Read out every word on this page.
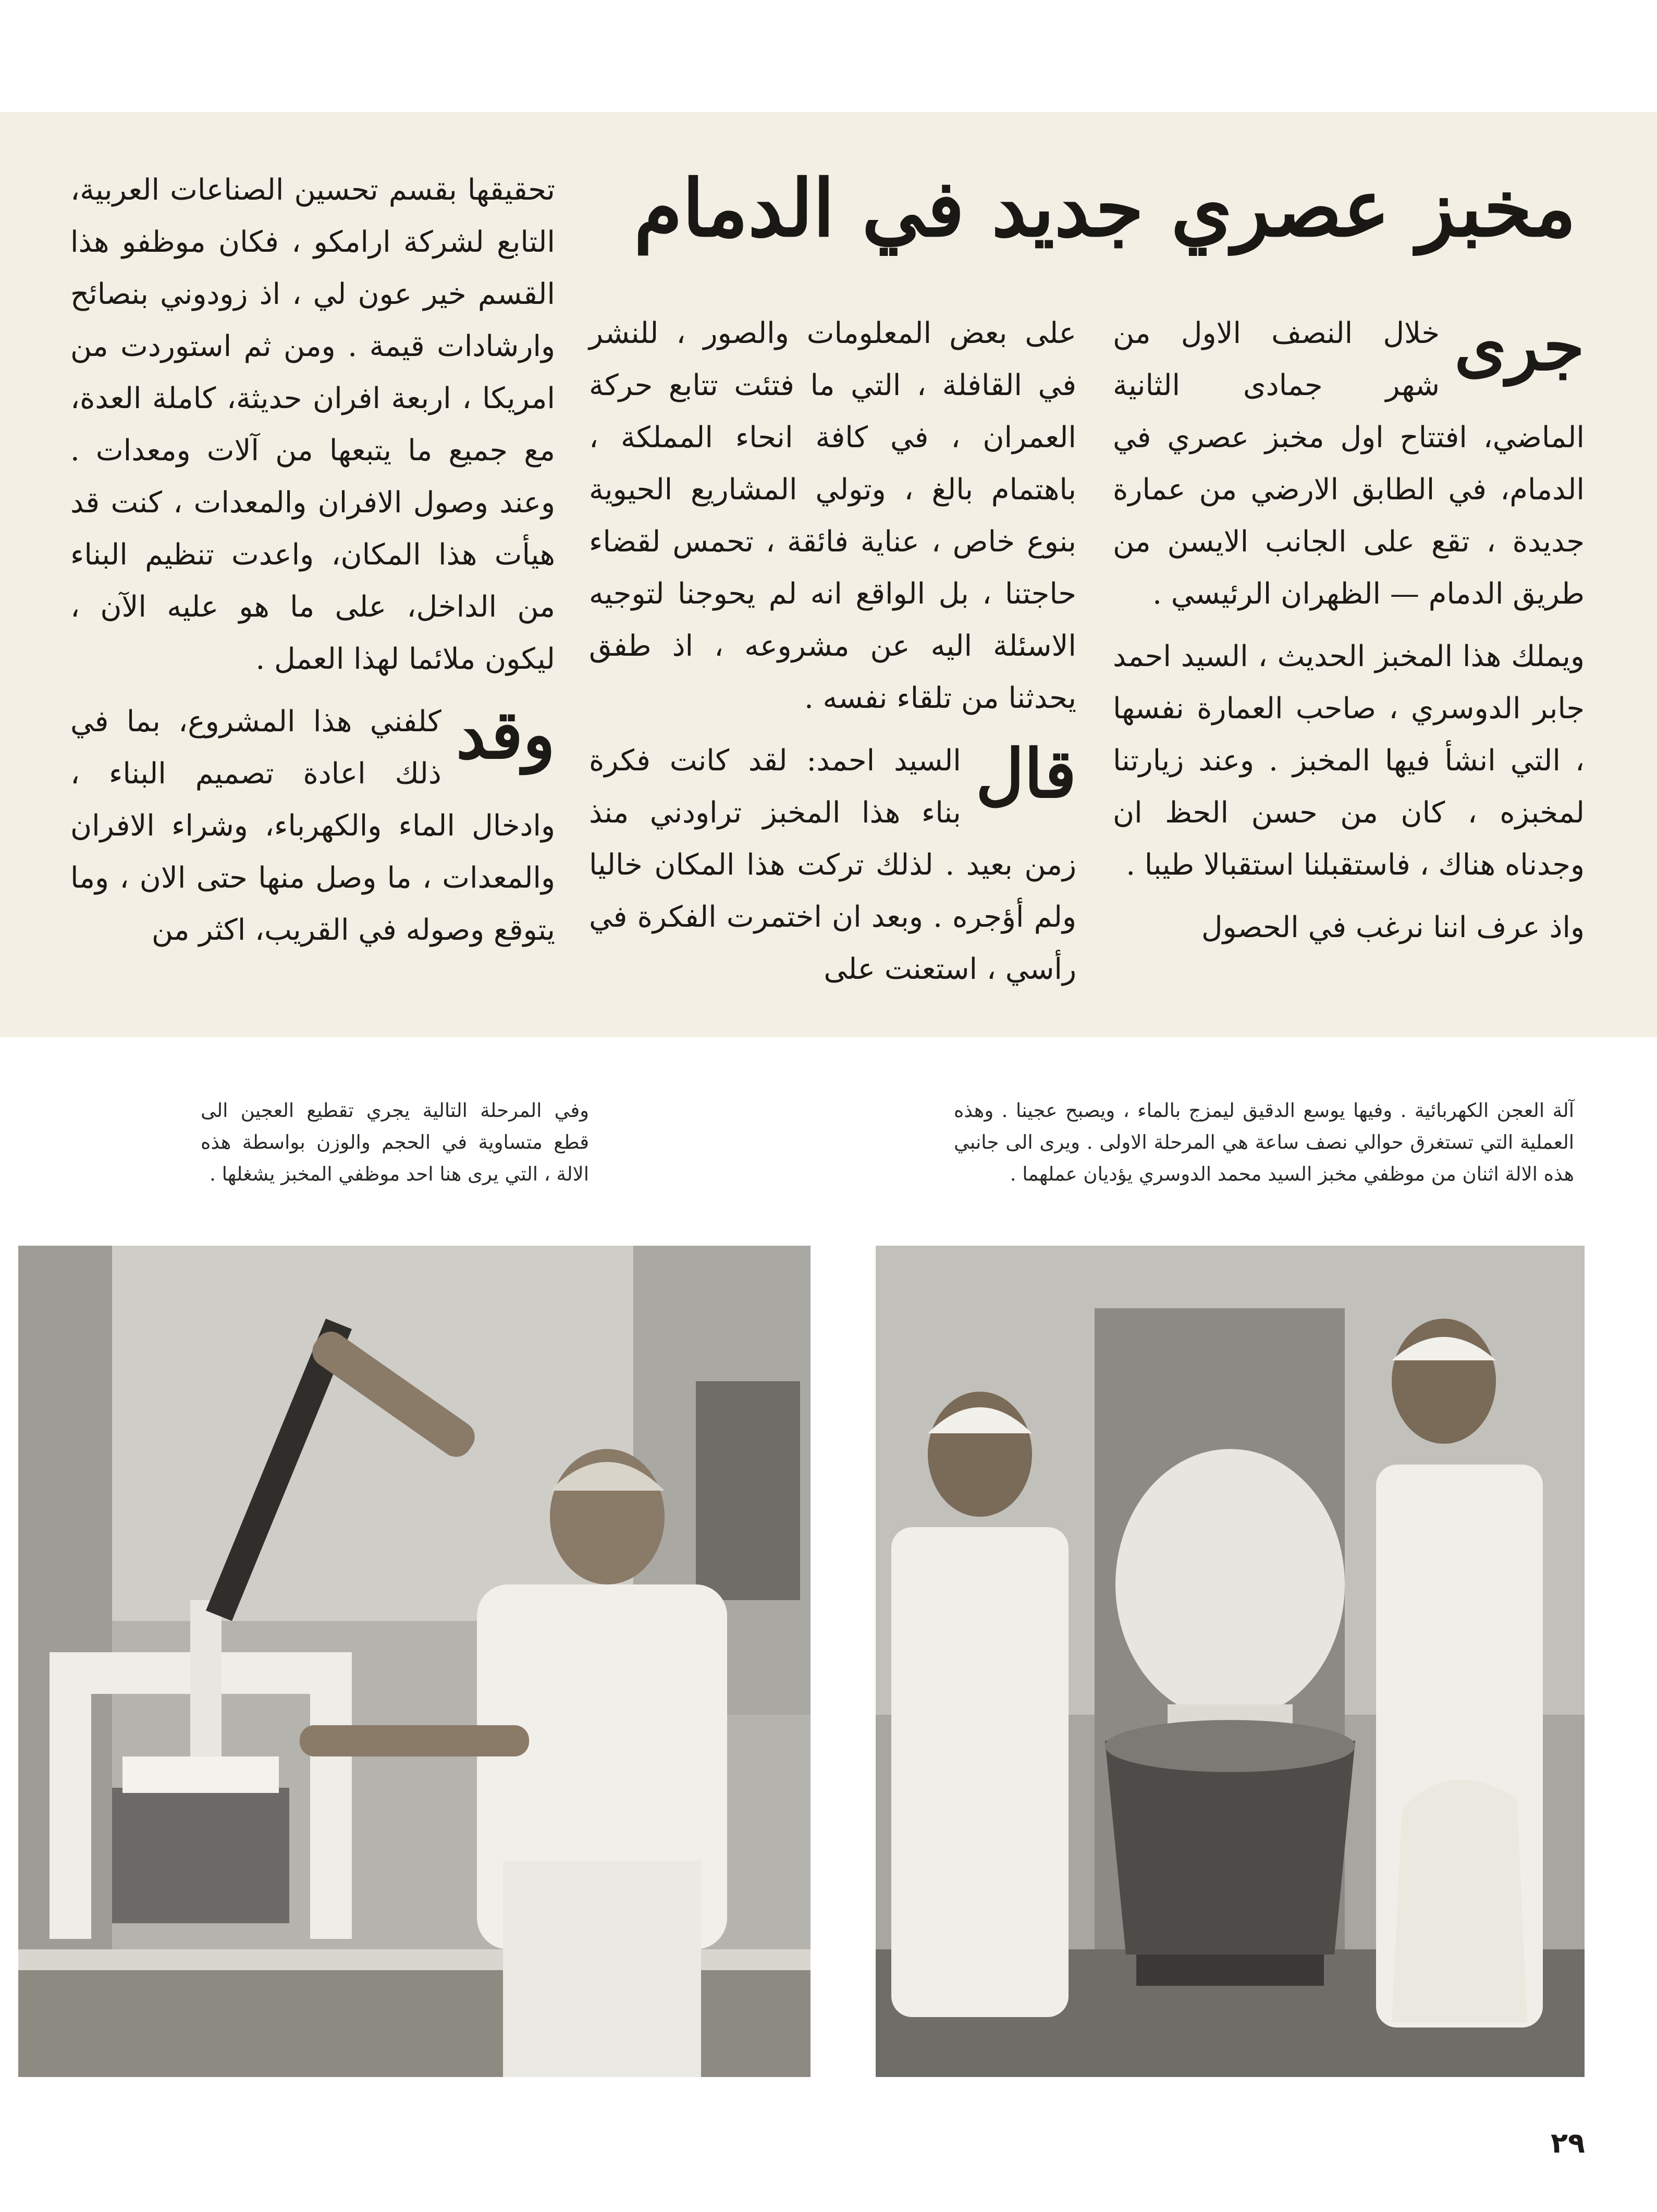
مخبز عصري جديد في الدمام

جرى
خلال النصف الاول من شهر جمادى الثانية الماضي، افتتاح اول مخبز عصري في الدمام، في الطابق الارضي من عمارة جديدة ، تقع على الجانب الايسن من طريق الدمام — الظهران الرئيسي .

ويملك هذا المخبز الحديث ، السيد احمد جابر الدوسري ، صاحب العمارة نفسها ، التي انشأ فيها المخبز . وعند زيارتنا لمخبزه ، كان من حسن الحظ ان وجدناه هناك ، فاستقبلنا استقبالا طيبا .

واذ عرف اننا نرغب في الحصول

على بعض المعلومات والصور ، للنشر في القافلة ، التي ما فتئت تتابع حركة العمران ، في كافة انحاء المملكة ، باهتمام بالغ ، وتولي المشاريع الحيوية بنوع خاص ، عناية فائقة ، تحمس لقضاء حاجتنا ، بل الواقع انه لم يحوجنا لتوجيه الاسئلة اليه عن مشروعه ، اذ طفق يحدثنا من تلقاء نفسه .

قال
السيد احمد: لقد كانت فكرة بناء هذا المخبز تراودني منذ زمن بعيد . لذلك تركت هذا المكان خاليا ولم أؤجره . وبعد ان اختمرت الفكرة في رأسي ، استعنت على

تحقيقها بقسم تحسين الصناعات العربية، التابع لشركة ارامكو ، فكان موظفو هذا القسم خير عون لي ، اذ زودوني بنصائح وارشادات قيمة . ومن ثم استوردت من امريكا ، اربعة افران حديثة، كاملة العدة، مع جميع ما يتبعها من آلات ومعدات . وعند وصول الافران والمعدات ، كنت قد هيأت هذا المكان، واعدت تنظيم البناء من الداخل، على ما هو عليه الآن ، ليكون ملائما لهذا العمل .

وقد
كلفني هذا المشروع، بما في ذلك اعادة تصميم البناء ، وادخال الماء والكهرباء، وشراء الافران والمعدات ، ما وصل منها حتى الان ، وما يتوقع وصوله في القريب، اكثر من

آلة العجن الكهربائية . وفيها يوسع الدقيق ليمزج بالماء ، ويصبح عجينا . وهذه العملية التي تستغرق حوالي نصف ساعة هي المرحلة الاولى . ويرى الى جانبي هذه الالة اثنان من موظفي مخبز السيد محمد الدوسري يؤديان عملهما .
وفي المرحلة التالية يجري تقطيع العجين الى قطع متساوية في الحجم والوزن بواسطة هذه الالة ، التي يرى هنا احد موظفي المخبز يشغلها .
٢٩
